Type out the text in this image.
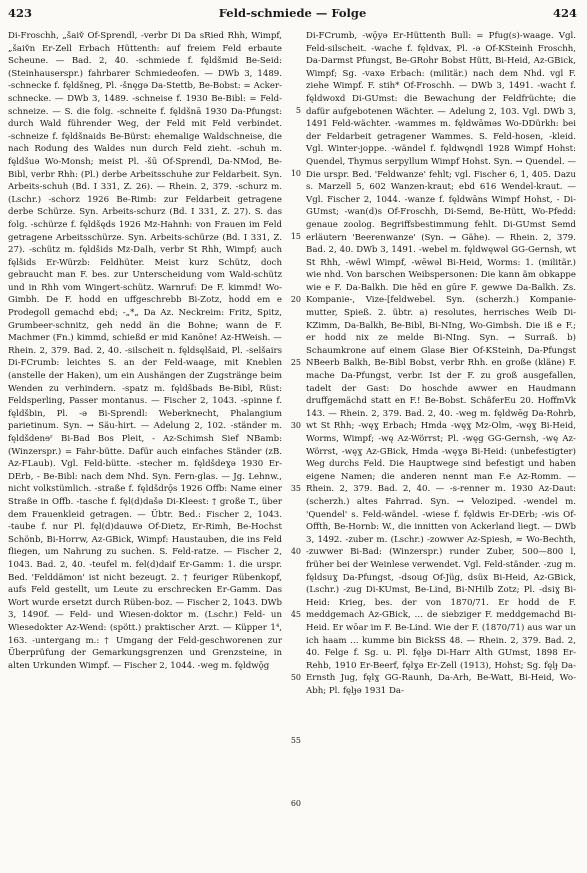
423	Feld-schmiede — Folge	424

Di-Froschh, „šaiv̌ Of-Sprendl, ‑verbr Di Da sRied Rhh, Wimpf, „šaiv̌n Er-Zell Erbach Hüttenth: auf freiem Feld erbaute Scheune. — Bad. 2, 40. ‑schmiede f. fęldšmid Be-Seid: (Steinhauserspr.) fahrbarer Schmiedeofen. — DWb 3, 1489. ‑schnecke f. fęldšneg, Pl. ‑šnęgə Da-Stettb, Be-Bobst: = Acker-schnecke. — DWb 3, 1489. ‑schneise f. 1930 Be-Bibl: = Feld-schneize. — S. die folg. ‑schneite f. fęldšnā 1930 Da-Pfungst: durch Wald führender Weg, der Feld mit Feld verbindet. ‑schneize f. fęldšnaids Be-Bürst: ehemalige Waldschneise, die nach Rodung des Waldes nun durch Feld zieht. ‑schuh m. fęldšuə Wo-Monsh; meist Pl. ‑šū Of-Sprendl, Da-NMod, Be-Bibl, verbr Rhh: (Pl.) derbe Arbeitsschuhe zur Feldarbeit. Syn. Arbeits-schuh (Bd. I 331, Z. 26). — Rhein. 2, 379. ‑schurz m. (Lschr.) ‑schorz 1926 Be-Rimb: zur Feldarbeit getragene derbe Schürze. Syn. Arbeits-schurz (Bd. I 331, Z. 27). S. das folg. ‑schürze f. fęldšęds 1926 Mz-Hahnh: von Frauen im Feld getragene Arbeitsschürze. Syn. Arbeits-schürze (Bd. I 331, Z. 27). ‑schütz m. fęldšids Mz-Dalh, verbr St Rhh, Wimpf; auch fęlšids Er-Würzb: Feldhüter. Meist kurz Schütz, doch gebraucht man F. bes. zur Unterscheidung vom Wald-schütz und in Rhh vom Wingert-schütz. Warnruf: De F. kimmd! Wo-Gimbh. De F. hodd en uffgeschrebb Bi-Zotz, hodd em e Prodegoll gemachd ebd; ‑„*„ Da Az. Neckreim: Fritz, Spitz, Grumbeer-schnitz, geh nedd än die Bohne; wann de F. Machmer (Fn.) kimmd, schießd er mid Kanōne! Az-HWeish. — Rhein. 2, 379. Bad. 2, 40. ‑silscheit n. fęldsęlšaid, Pl. ‑selšairs Di-FCrumb: leichtes S. an der Feld-waage, mit Kneblen (anstelle der Haken), um ein Aushängen der Zugstränge beim Wenden zu verhindern. ‑spatz m. fęldšbads Be-Bibl, Rüst: Feldsperling, Passer montanus. — Fischer 2, 1043. ‑spinne f. fęldšbin, Pl. ‑ə Bi-Sprendl: Weberknecht, Phalangium parietinum. Syn. → Säu-hirt. — Adelung 2, 102. ‑ständer m. fęldšdenɘʳ Bi-Bad Bos Pleit, ‑ Az-Schimsh Sief NBamb: (Winzerspr.) = Fahr-bütte. Dafür auch einfaches Ständer (zB. Az-FLaub). Vgl. Feld-bütte. ‑stecher m. fęldšdeɣə 1930 Er-DErb, ‑ Be-Bibl: nach dem Nhd. Syn. Fern-glas. — Jg. Lehnw., nicht volkstümlich. ‑straße f. fęldšdrǭs 1926 Offb: Name einer Straße in Offb. ‑tasche f. fęl(d)dašə Di-Kleest: † große T., über dem Frauenkleid getragen. — Übtr. Bed.: Fischer 2, 1043. ‑taube f. nur Pl. fęl(d)dauwə Of-Dietz, Er-Rimh, Be-Hochst Schönb, Bi-Horrw, Az-GBick, Wimpf: Haustauben, die ins Feld fliegen, um Nahrung zu suchen. S. Feld-ratze. — Fischer 2, 1043. Bad. 2, 40. ‑teufel m. fel(d)daif Er-Gamm: 1. die urspr. Bed. 'Felddämon' ist nicht bezeugt. 2. † feuriger Rübenkopf, aufs Feld gestellt, um Leute zu erschrecken Er-Gamm. Das Wort wurde ersetzt durch Rüben-boz. — Fischer 2, 1043. DWb 3, 1490f. — Feld- und Wiesen-doktor m. (Lschr.) Feld- un Wiesedokter Az-Wend: (spött.) praktischer Arzt. — Küpper 1⁴, 163. ‑untergang m.: † Umgang der Feld-geschworenen zur Überprüfung der Gemarkungsgrenzen und Grenzsteine, in alten Urkunden Wimpf. — Fischer 2, 1044. ‑weg m. fęldwǭg

5
10
15
20
25
30
35
40
45
50
55
60

Di-FCrumb, ‑wǭyə Er-Hüttenth Bull: = Pfug(s)-waage. Vgl. Feld-silscheit. ‑wache f. fęldvax, Pl. ‑ə Of-KSteinh Froschh, Da-Darmst Pfungst, Be-GRohr Bobst Hütt, Bi-Heid, Az-GBick, Wimpf; Sg. ‑vaxə Erbach: (militär.) nach dem Nhd. vgl F. ziehe Wimpf. F. stih* Of-Froschh. — DWb 3, 1491. ‑wacht f. fęldwoxd Di-GUmst: die Bewachung der Feldfrüchte; die dafür aufgebotenen Wächter. — Adelung 2, 103. Vgl. DWb 3, 1491 Feld-wächter. ‑wammes m. fęldwāməs Wo-DDürkh: bei der Feldarbeit getragener Wammes. S. Feld-hosen, ‑kleid. Vgl. Winter-joppe. ‑wändel f. fęldwęndl 1928 Wimpf Hohst: Quendel, Thymus serpyllum Wimpf Hohst. Syn. → Quendel. — Die urspr. Bed. 'Feldwanze' fehlt; vgl. Fischer 6, 1, 405. Dazu s. Marzell 5, 602 Wanzen-kraut; ebd 616 Wendel-kraut. — Vgl. Fischer 2, 1044. ‑wanze f. fęldwāns Wimpf Hohst, ‑ Di-GUmst; ‑wan(d)s Of-Froschh, Di-Semd, Be-Hütt, Wo-Pfedd: genaue zoolog. Begriffsbestimmung fehlt. Di-GUmst Semd erläutern 'Beerenwanze' (Syn. → Gähe). — Rhein. 2, 379. Bad. 2, 40. DWb 3, 1491. ‑webel m. fęldwęwəl GG-Gernsh, wt St Rhh, ‑wēwl Wimpf, ‑wēwəl Bi-Heid, Worms: 1. (militär.) wie nhd. Von barschen Weibspersonen: Die kann äm obkappe wie e F. Da-Balkh. Die hēd en gūre F. gewwe Da-Balkh. Zs. Kompanie-, Vize-[feldwebel. Syn. (scherzh.) Kompanie-mutter, Spieß. 2. übtr. a) resolutes, herrisches Weib Di-KZimm, Da-Balkh, Be-Bibl, Bi-NIng, Wo-Gimbsh. Die iß e F.; er hodd nix ze melde Bi-NIng. Syn. → Surraß. b) Schaumkrone auf einem Glase Bier Of-KSteinh, Da-Pfungst NBeerb Balkh, Be-Bibl Bobst, verbr Rhh. en große (kläne) F. mache Da-Pfungst, verbr. Ist der F. zu groß ausgefallen, tadelt der Gast: Do hoschde awwer en Haudmann druffgemächd statt en F.! Be-Bobst. SchäferEu 20. HoffmVk 143. — Rhein. 2, 379. Bad. 2, 40. ‑weg m. fęldwēg Da-Rohrb, wt St Rhh; ‑węɣ Erbach; Hmda ‑węɣ Mz-Olm, ‑węɣ Bi-Heid, Worms, Wimpf; ‑wę Az-Wörrst; Pl. ‑węg GG-Gernsh, ‑wę Az-Wörrst, ‑węɣ Az-GBick, Hmda ‑węɣə Bi-Heid: (unbefestigter) Weg durchs Feld. Die Hauptwege sind befestigt und haben eigene Namen; die anderen nennt man F.e Az-Romm. — Rhein. 2, 379. Bad. 2, 40. — ‑s-renner m. 1930 Az-Daut: (scherzh.) altes Fahrrad. Syn. → Veloziped. ‑wendel m. 'Quendel' s. Feld-wändel. ‑wiese f. fęldwis Er-DErb; ‑wis Of-Offth, Be-Hornb: W., die innitten von Ackerland liegt. — DWb 3, 1492. ‑zuber m. (Lschr.) ‑zowwer Az-Spiesh, ≈ Wo-Bechth, ‑zuwwer Bi-Bad: (Winzerspr.) runder Zuber, 500—800 l, früher bei der Weinlese verwendet. Vgl. Feld-ständer. ‑zug m. fęldsuɣ Da-Pfungst, ‑dsoug Of-Jüg, dsüx Bi-Heid, Az-GBick, (Lschr.) ‑zug Di-KUmst, Be-Lind, Bi-NHilb Zotz; Pl. ‑dsiɣ Bi-Heid: Krieg, bes. der von 1870/71. Er hodd de F. meddgemach Az-GBick, … de siebziger F. meddgemachd Bi-Heid. Er wōar im F. Be-Lind. Wie der F. (1870/71) aus war un ich haam … kumme bin BickSS 48. — Rhein. 2, 379. Bad. 2, 40. Felge f. Sg. u. Pl. fęlɟə Di-Harr Alth GUmst, 1898 Er-Rehb, 1910 Er-Beerf, fęlɣə Er-Zell (1913), Hohst; Sg. fęlɟ Da-Ernsth Jug, fęlɣ GG-Raunh, Da-Arh, Be-Watt, Bi-Heid, Wo-Abh; Pl. fęlɟə 1931 Da-
